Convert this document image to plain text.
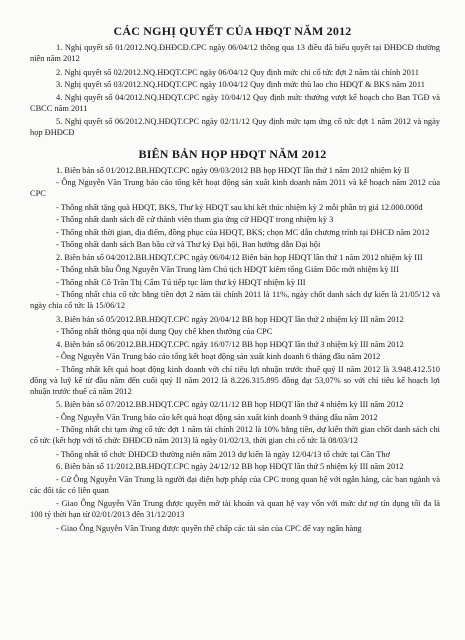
CÁC NGHỊ QUYẾT CỦA HĐQT NĂM 2012
1. Nghị quyết số 01/2012.NQ.ĐHĐCĐ.CPC ngày 06/04/12 thông qua 13 điều đã biểu quyết tại ĐHĐCĐ thường niên năm 2012
2. Nghị quyết số 02/2012.NQ.HĐQT.CPC ngày 06/04/12 Quy định mức chi cổ tức đợt 2 năm tài chính 2011
3. Nghị quyết số 03/2012.NQ.HĐQT.CPC ngày 10/04/12 Quy định mức thù lao cho HĐQT & BKS năm 2011
4. Nghị quyết số 04/2012.NQ.HĐQT.CPC ngày 10/04/12 Quy định mức thưởng vượt kế hoạch cho Ban TGĐ và CBCC năm 2011
5. Nghị quyết số 06/2012.NQ.HĐQT.CPC ngày 02/11/12 Quy định mức tạm ứng cổ tức đợt 1 năm 2012 và ngày họp ĐHĐCĐ
BIÊN BẢN HỌP HĐQT NĂM 2012
1. Biên bản số 01/2012.BB.HĐQT.CPC ngày 09/03/2012 BB họp HĐQT lần thứ 1 năm 2012 nhiệm kỳ II
- Ông Nguyễn Văn Trung báo cáo tổng kết hoạt động sản xuất kinh doanh năm 2011 và kế hoạch năm 2012 của CPC
- Thống nhất tặng quà HĐQT, BKS, Thư ký HĐQT sau khi kết thúc nhiệm kỳ 2 mỗi phần trị giá 12.000.000đ
- Thống nhất danh sách đề cử thành viên tham gia ứng cử HĐQT trong nhiệm kỳ 3
- Thống nhất thời gian, địa điểm, đồng phục của HĐQT, BKS; chọn MC dẫn chương trình tại ĐHCĐ năm 2012
- Thống nhất danh sách Ban bầu cử và Thư ký Đại hội, Ban hướng dẫn Đại hội
2. Biên bản số 04/2012.BB.HĐQT.CPC ngày 06/04/12 Biên bản họp HĐQT lần thứ 1 năm 2012 nhiệm kỳ III
- Thống nhất bầu Ông Nguyễn Văn Trung làm Chủ tịch HĐQT kiêm tổng Giám Đốc mới nhiệm kỳ III
- Thống nhất Cô Trần Thị Cẩm Tú tiếp tục làm thư ký HĐQT nhiệm kỳ III
- Thống nhất chia cổ tức bằng tiền đợt 2 năm tài chính 2011 là 11%, ngày chốt danh sách dự kiến là 21/05/12 và ngày chia cổ tức là 15/06/12
3. Biên bản số 05/2012.BB.HĐQT.CPC ngày 20/04/12 BB họp HĐQT lần thứ 2 nhiệm kỳ III năm 2012
- Thống nhất thông qua nội dung Quy chế khen thưởng của CPC
4. Biên bản số 06/2012.BB.HĐQT.CPC ngày 16/07/12 BB họp HĐQT lần thứ 3 nhiệm kỳ III năm 2012
- Ông Nguyễn Văn Trung báo cáo tổng kết hoạt động sản xuất kinh doanh 6 tháng đầu năm 2012
- Thống nhất kết quả hoạt động kinh doanh với chỉ tiêu lợi nhuận trước thuế quý II năm 2012 là 3.948.412.510 đồng và luỹ kế từ đầu năm đến cuối quý II năm 2012 là 8.226.315.895 đồng đạt 53,07% so với chỉ tiêu kế hoạch lợi nhuận trước thuế cả năm 2012
5. Biên bản số 07/2012.BB.HĐQT.CPC ngày 02/11/12 BB họp HĐQT lần thứ 4 nhiệm kỳ III năm 2012
- Ông Nguyễn Văn Trung báo cáo kết quả hoạt động sản xuất kinh doanh 9 tháng đầu năm 2012
- Thống nhất chi tạm ứng cổ tức đợt 1 năm tài chính 2012 là 10% bằng tiền, dự kiến thời gian chốt danh sách chi cổ tức (kết hợp với tổ chức ĐHĐCĐ năm 2013) là ngày 01/02/13, thời gian chi cổ tức là 08/03/12
- Thống nhất tổ chức ĐHĐCĐ thường niên năm 2013 dự kiến là ngày 12/04/13 tổ chức tại Cần Thơ
6. Biên bản số 11/2012.BB.HĐQT.CPC ngày 24/12/12 BB họp HĐQT lần thứ 5 nhiệm kỳ III năm 2012
- Cử Ông Nguyễn Văn Trung là người đại diện hợp pháp của CPC trong quan hệ với ngân hàng, các ban ngành và các đối tác có liên quan
- Giao Ông Nguyễn Văn Trung được quyền mở tài khoản và quan hệ vay vốn với mức dư nợ tín dụng tối đa là 100 tỷ thời hạn từ 02/01/2013 đến 31/12/2013
- Giao Ông Nguyễn Văn Trung được quyền thế chấp các tài sản của CPC để vay ngân hàng
